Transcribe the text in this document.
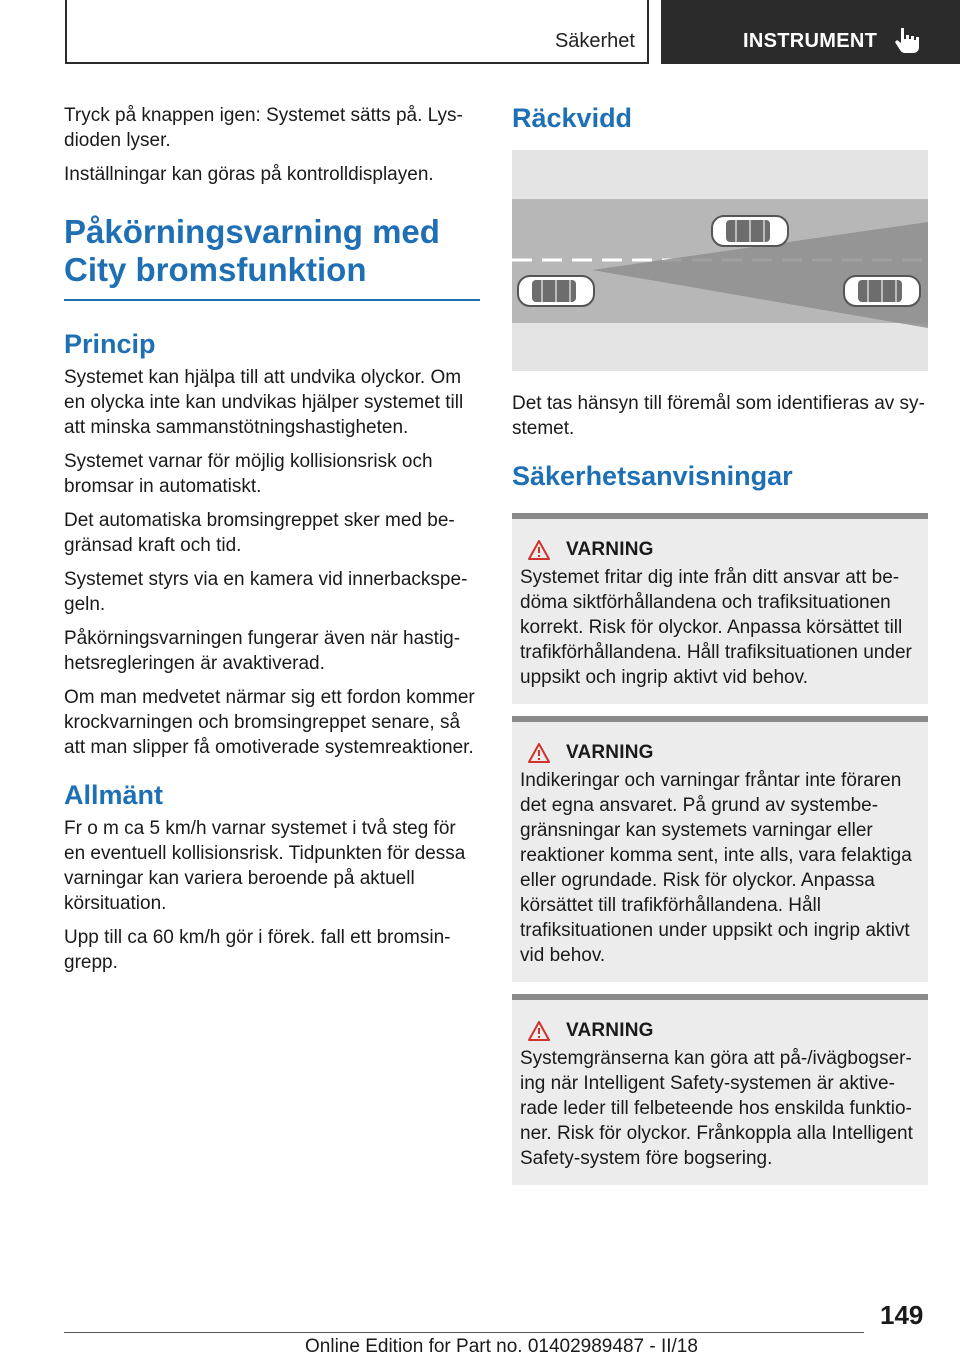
Säkerhet	INSTRUMENT

Tryck på knappen igen: Systemet sätts på. Lysdioden lyser.

Inställningar kan göras på kontrolldisplayen.

Påkörningsvarning med City bromsfunktion
Princip

Systemet kan hjälpa till att undvika olyckor. Om en olycka inte kan undvikas hjälper systemet till att minska sammanstötningshastigheten.

Systemet varnar för möjlig kollisionsrisk och bromsar in automatiskt.

Det automatiska bromsingreppet sker med begränsad kraft och tid.

Systemet styrs via en kamera vid innerbackspegeln.

Påkörningsvarningen fungerar även när hastighetsregleringen är avaktiverad.

Om man medvetet närmar sig ett fordon kommer krockvarningen och bromsingreppet senare, så att man slipper få omotiverade systemreaktioner.

Allmänt

Fr o m ca 5 km/h varnar systemet i två steg för en eventuell kollisionsrisk. Tidpunkten för dessa varningar kan variera beroende på aktuell körsituation.

Upp till ca 60 km/h gör i förek. fall ett bromsingrepp.

Räckvidd

Det tas hänsyn till föremål som identifieras av systemet.

Säkerhetsanvisningar
VARNING

Systemet fritar dig inte från ditt ansvar att bedöma siktförhållandena och trafiksituationen korrekt. Risk för olyckor. Anpassa körsättet till trafikförhållandena. Håll trafiksituationen under uppsikt och ingrip aktivt vid behov.

VARNING

Indikeringar och varningar fråntar inte föraren det egna ansvaret. På grund av systembegränsningar kan systemets varningar eller reaktioner komma sent, inte alls, vara felaktiga eller ogrundade. Risk för olyckor. Anpassa körsättet till trafikförhållandena. Håll trafiksituationen under uppsikt och ingrip aktivt vid behov.

VARNING

Systemgränserna kan göra att på-/ivägbogsering när Intelligent Safety-systemen är aktiverade leder till felbeteende hos enskilda funktioner. Risk för olyckor. Frånkoppla alla Intelligent Safety-system före bogsering.

149
Online Edition for Part no. 01402989487 - II/18
